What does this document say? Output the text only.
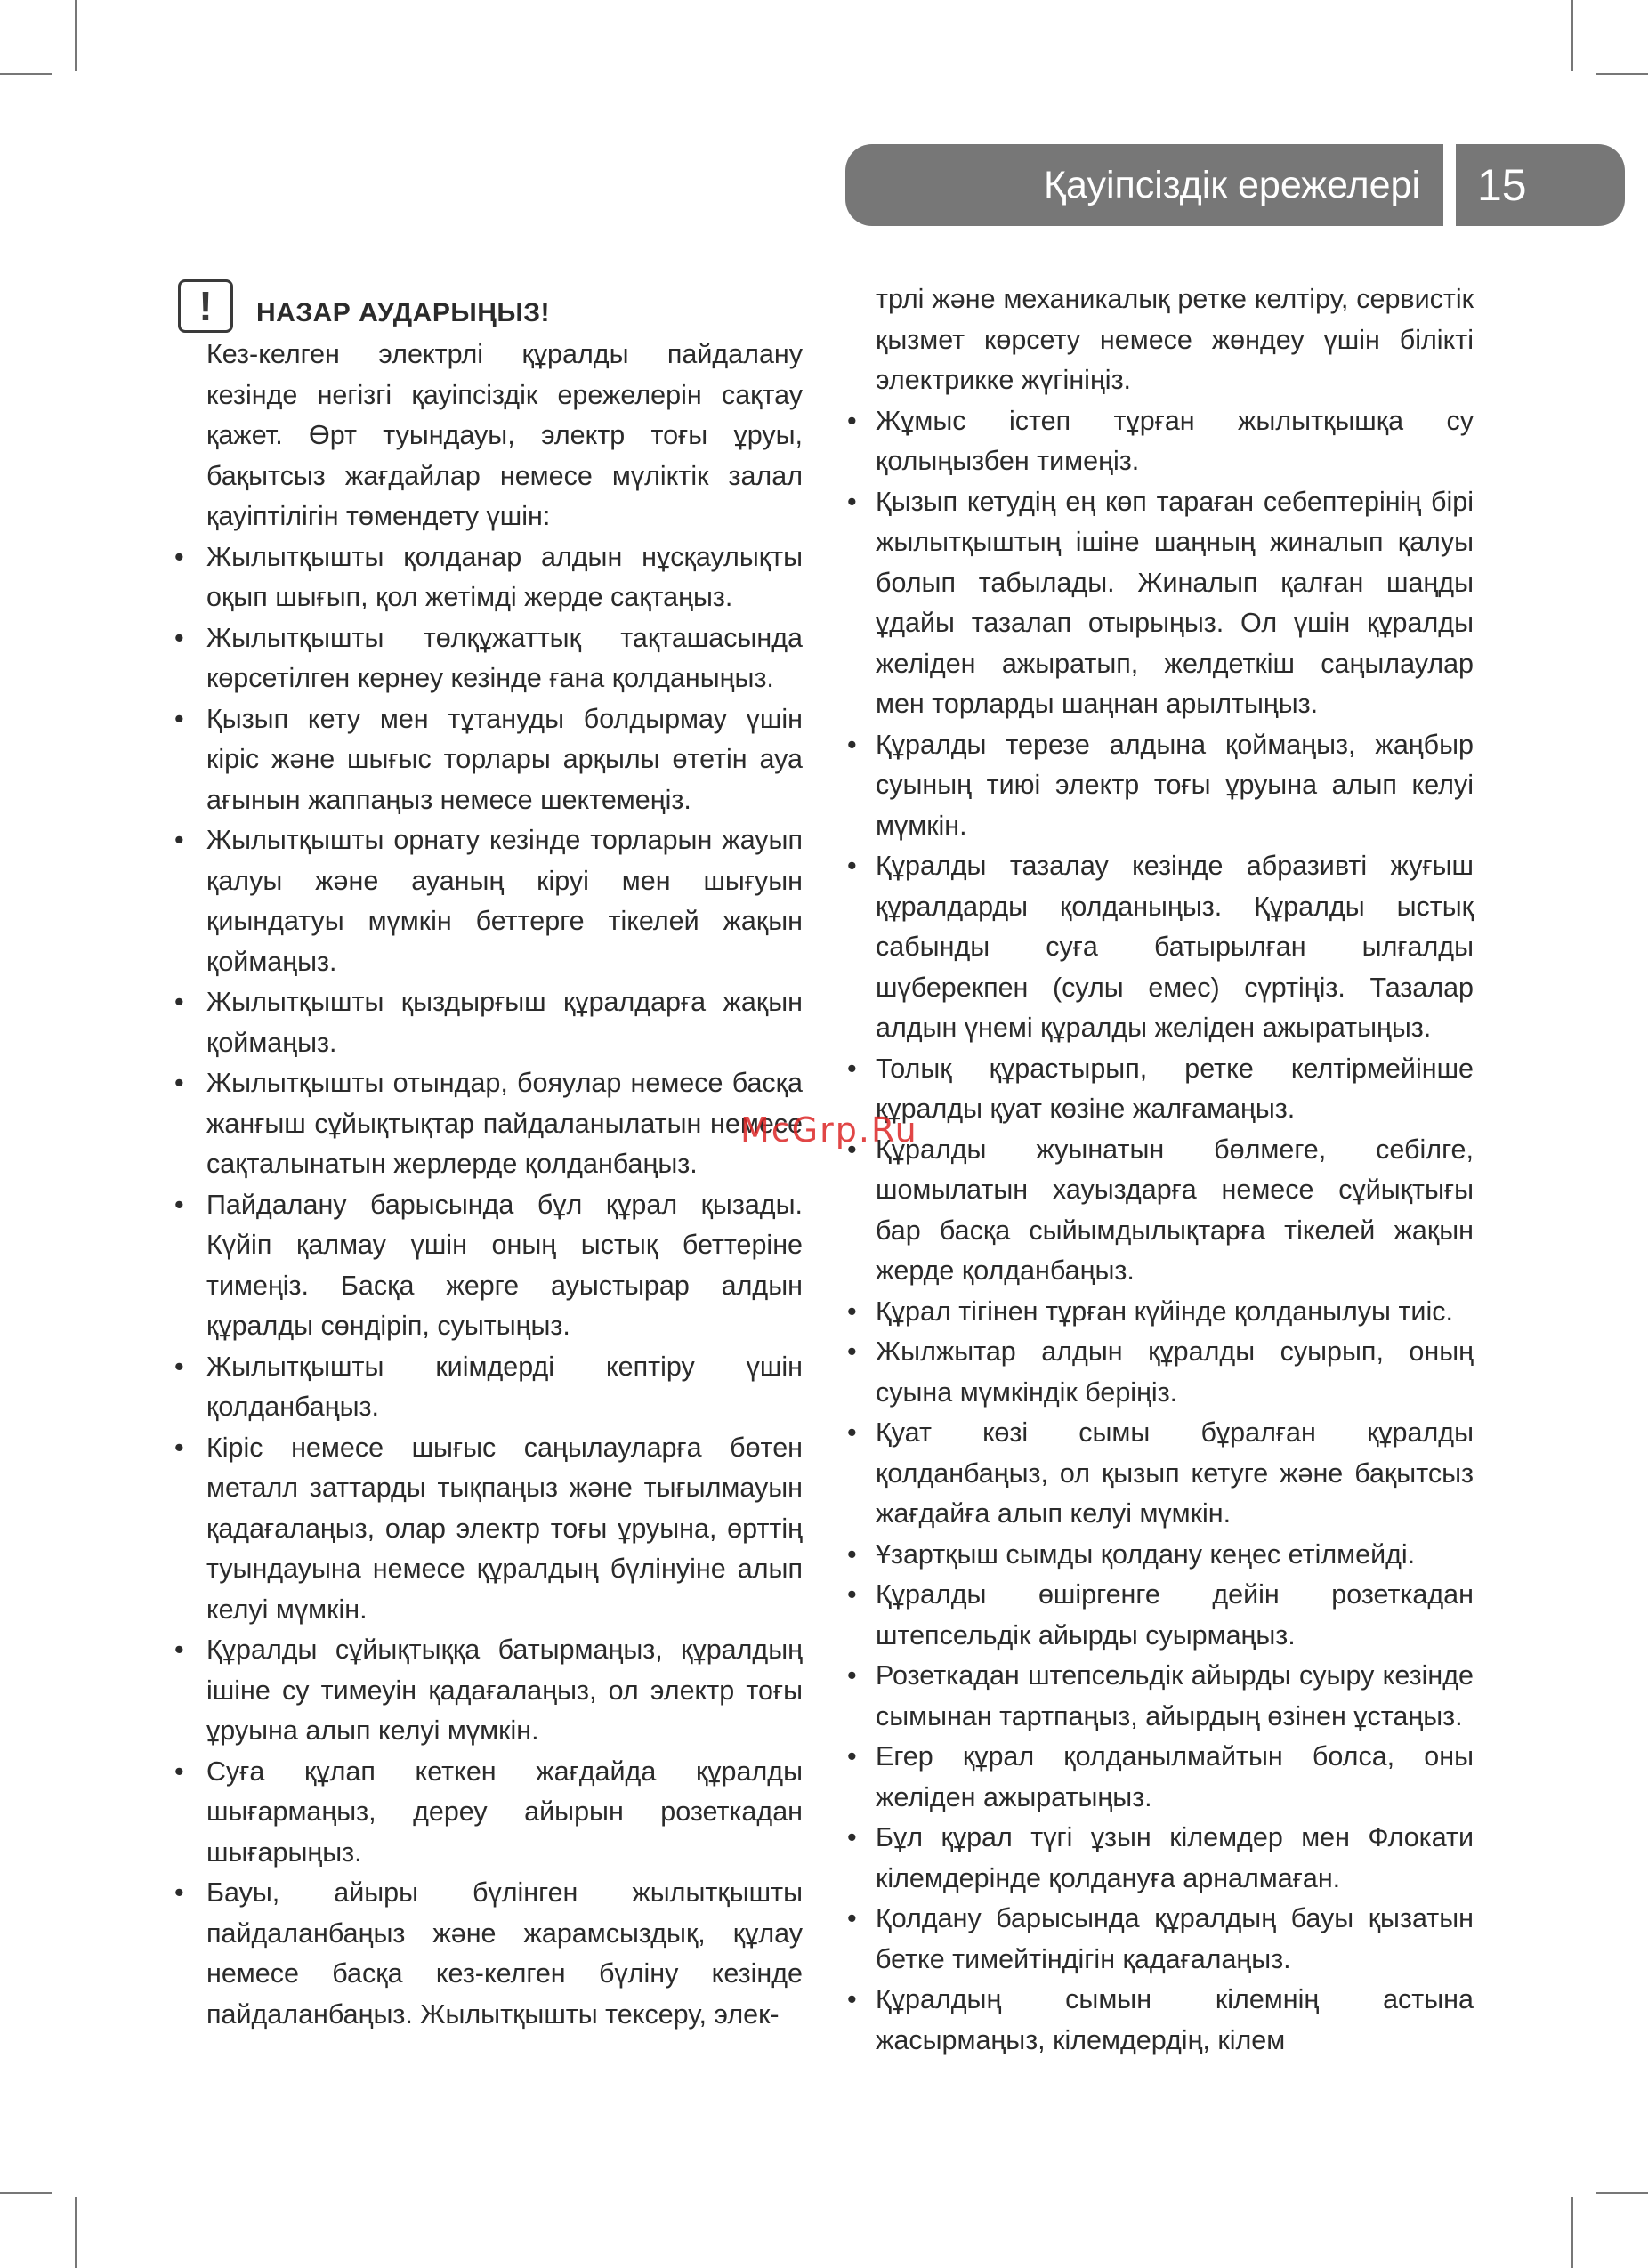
Қауіпсіздік ережелері	15
!	НАЗАР АУДАРЫҢЫЗ!

Кез-келген электрлі құралды пайдалану кезінде негізгі қауіпсіздік ережелерін сақтау қажет. Өрт туындауы, электр тоғы ұруы, бақытсыз жағдайлар немесе мүліктік залал қауіптілігін төмендету үшін:

• Жылытқышты қолданар алдын нұсқаулықты оқып шығып, қол жетімді жерде сақтаңыз.
• Жылытқышты төлқұжаттық тақташасында көрсетілген кернеу кезінде ғана қолданыңыз.
• Қызып кету мен тұтануды болдырмау үшін кіріс және шығыс торлары арқылы өтетін ауа ағынын жаппаңыз немесе шектемеңіз.
• Жылытқышты орнату кезінде торларын жауып қалуы және ауаның кіруі мен шығуын қиындатуы мүмкін беттерге тікелей жақын қоймаңыз.
• Жылытқышты қыздырғыш құралдарға жақын қоймаңыз.
• Жылытқышты отындар, бояулар немесе басқа жанғыш сұйықтықтар пайдаланылатын немесе сақталынатын жерлерде қолданбаңыз.
• Пайдалану барысында бұл құрал қызады. Күйіп қалмау үшін оның ыстық беттеріне тимеңіз. Басқа жерге ауыстырар алдын құралды сөндіріп, суытыңыз.
• Жылытқышты киімдерді кептіру үшін қолданбаңыз.
• Кіріс немесе шығыс саңылауларға бөтен металл заттарды тықпаңыз және тығылмауын қадағалаңыз, олар электр тоғы ұруына, өрттің туындауына немесе құралдың бүлінуіне алып келуі мүмкін.
• Құралды сұйықтыққа батырмаңыз, құралдың ішіне су тимеуін қадағалаңыз, ол электр тоғы ұруына алып келуі мүмкін.
• Суға құлап кеткен жағдайда құралды шығармаңыз, дереу айырын розеткадан шығарыңыз.
• Бауы, айыры бүлінген жылытқышты пайдаланбаңыз және жарамсыздық, құлау немесе басқа кез-келген бүліну кезінде пайдаланбаңыз. Жылытқышты тексеру, элек-

трлі және механикалық ретке келтіру, сервистік қызмет көрсету немесе жөндеу үшін білікті электрикке жүгініңіз.

• Жұмыс істеп тұрған жылытқышқа су қолыңызбен тимеңіз.
• Қызып кетудің ең көп тараған себептерінің бірі жылытқыштың ішіне шаңның жиналып қалуы болып табылады. Жиналып қалған шаңды ұдайы тазалап отырыңыз. Ол үшін құралды желіден ажыратып, желдеткіш саңылаулар мен торларды шаңнан арылтыңыз.
• Құралды терезе алдына қоймаңыз, жаңбыр суының тиюі электр тоғы ұруына алып келуі мүмкін.
• Құралды тазалау кезінде абразивті жуғыш құралдарды қолданыңыз. Құралды ыстық сабынды суға батырылған ылғалды шүберекпен (сулы емес) сүртіңіз. Тазалар алдын үнемі құралды желіден ажыратыңыз.
• Толық құрастырып, ретке келтірмейінше құралды қуат көзіне жалғамаңыз.
• Құралды жуынатын бөлмеге, себілге, шомылатын хауыздарға немесе сұйықтығы бар басқа сыйымдылықтарға тікелей жақын жерде қолданбаңыз.
• Құрал тігінен тұрған күйінде қолданылуы тиіс.
• Жылжытар алдын құралды суырып, оның суына мүмкіндік беріңіз.
• Қуат көзі сымы бұралған құралды қолданбаңыз, ол қызып кетуге және бақытсыз жағдайға алып келуі мүмкін.
• Ұзартқыш сымды қолдану кеңес етілмейді.
• Құралды өшіргенге дейін розеткадан штепсельдік айырды суырмаңыз.
• Розеткадан штепсельдік айырды суыру кезінде сымынан тартпаңыз, айырдың өзінен ұстаңыз.
• Егер құрал қолданылмайтын болса, оны желіден ажыратыңыз.
• Бұл құрал түгі ұзын кілемдер мен Флокати кілемдерінде қолдануға арналмаған.
• Қолдану барысында құралдың бауы қызатын бетке тимейтіндігін қадағалаңыз.
• Құралдың сымын кілемнің астына жасырмаңыз, кілемдердің, кілем
McGrp.Ru
